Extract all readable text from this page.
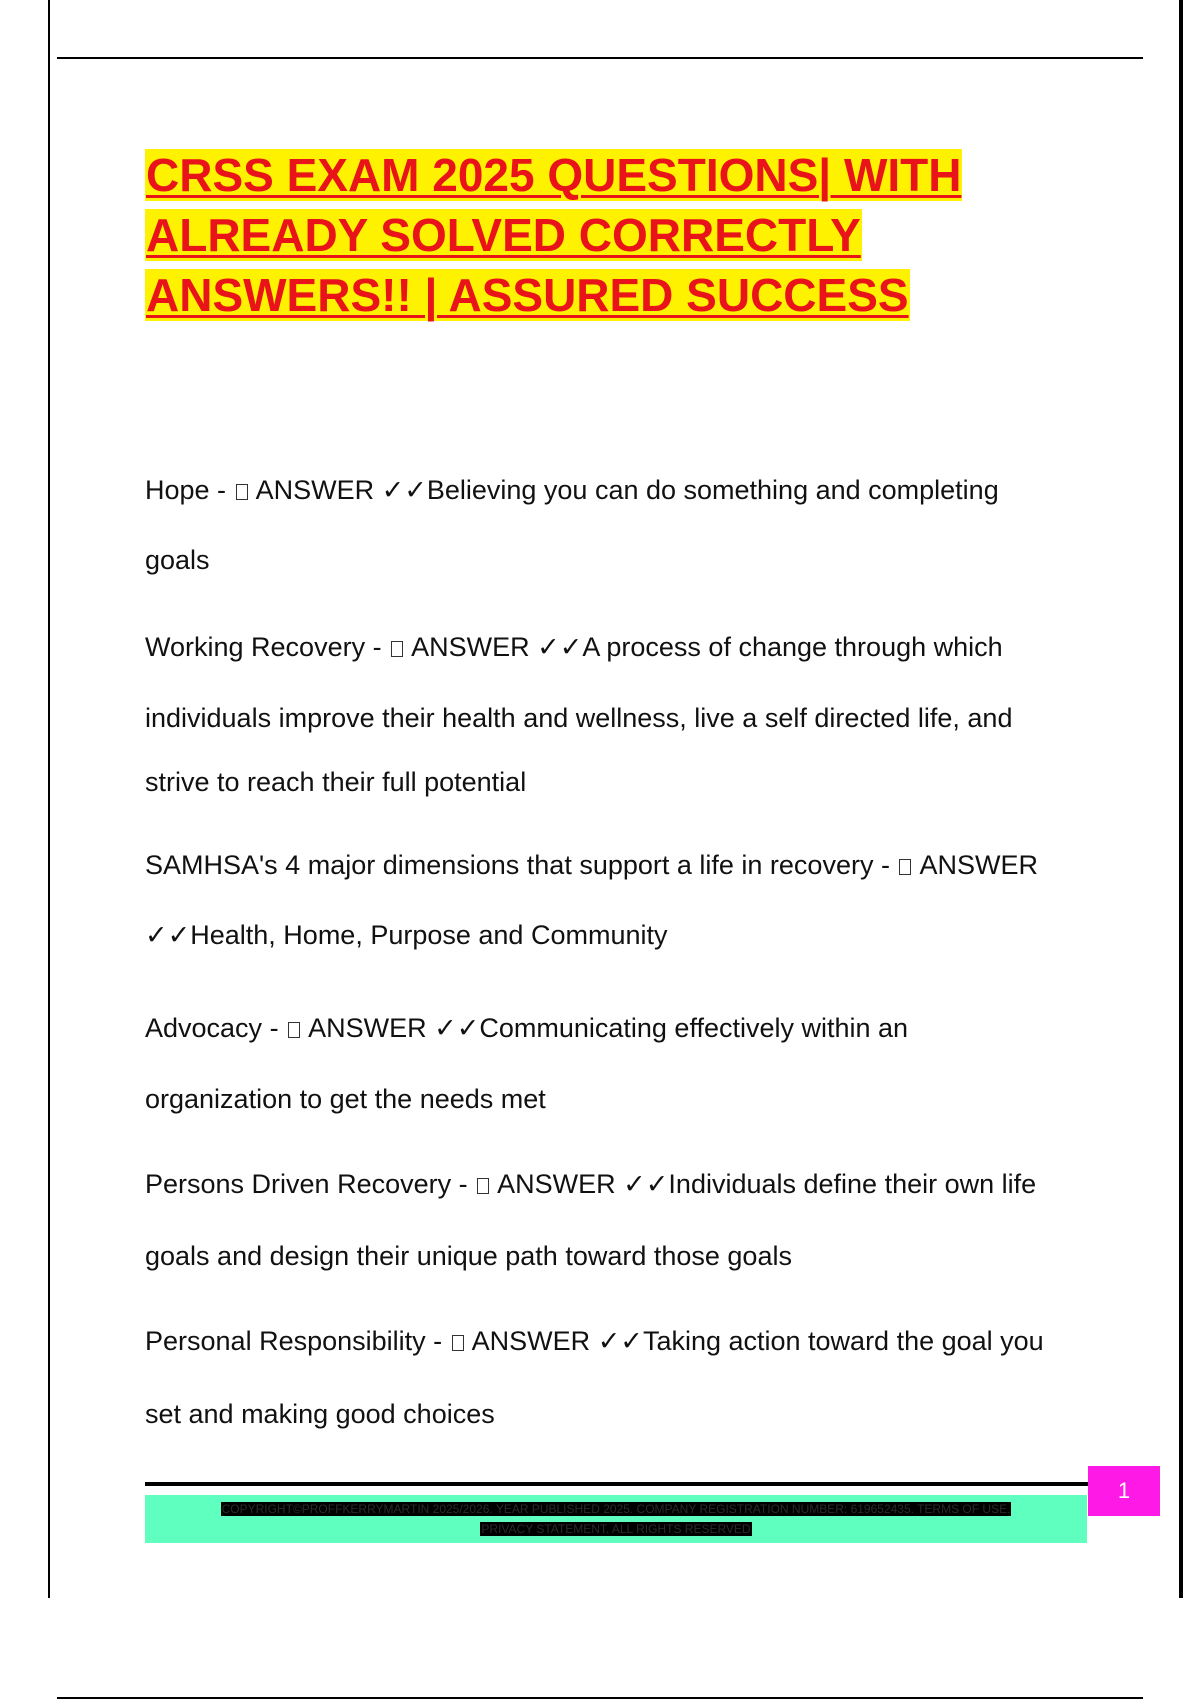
CRSS EXAM 2025 QUESTIONS| WITH
ALREADY SOLVED CORRECTLY
ANSWERS!! | ASSURED SUCCESS
Hope -  ANSWER ✓✓Believing you can do something and completing
goals
Working Recovery -  ANSWER ✓✓A process of change through which
individuals improve their health and wellness, live a self directed life, and
strive to reach their full potential
SAMHSA's 4 major dimensions that support a life in recovery -  ANSWER
✓✓Health, Home, Purpose and Community
Advocacy -  ANSWER ✓✓Communicating effectively within an
organization to get the needs met
Persons Driven Recovery -  ANSWER ✓✓Individuals define their own life
goals and design their unique path toward those goals
Personal Responsibility -  ANSWER ✓✓Taking action toward the goal you
set and making good choices
1
COPYRIGHT©PROFFKERRYMARTIN 2025/2026. YEAR PUBLISHED 2025. COMPANY REGISTRATION NUMBER: 619652435. TERMS OF USE.
PRIVACY STATEMENT. ALL RIGHTS RESERVED
